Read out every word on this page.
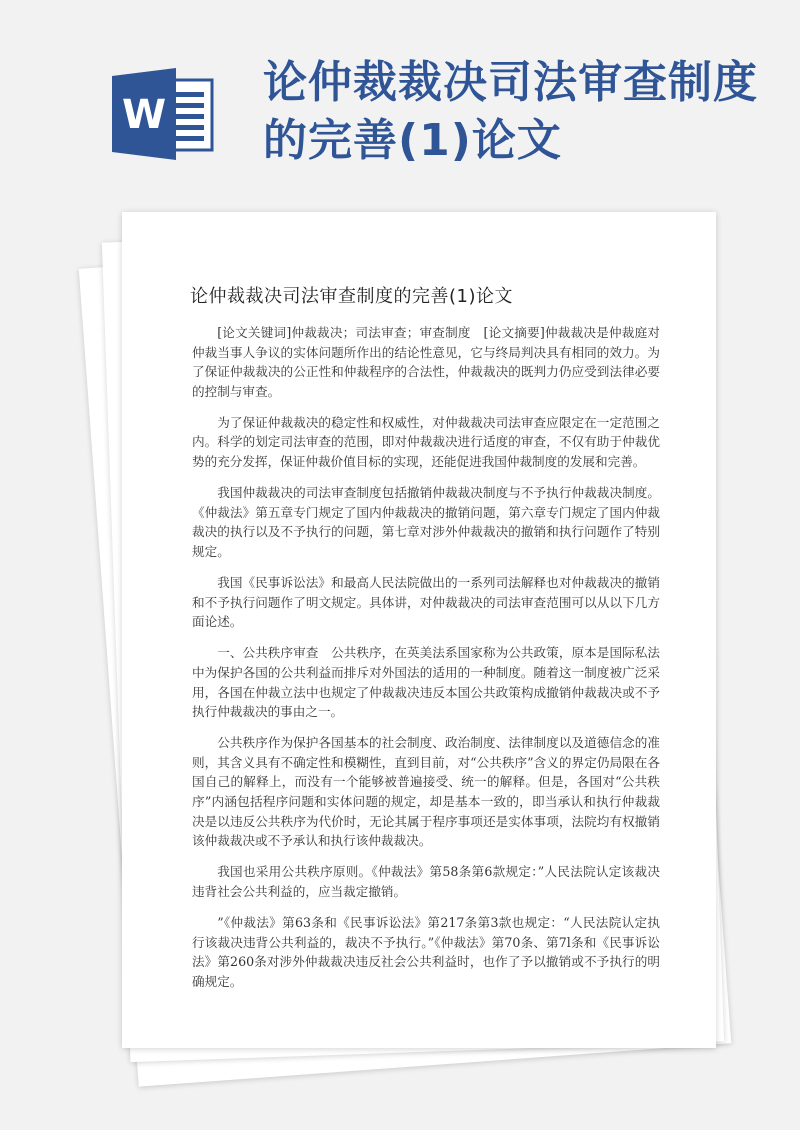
W
论仲裁裁决司法审查制度的完善(1)论文
论仲裁裁决司法审查制度的完善(1)论文

[论文关键词]仲裁裁决；司法审查；审查制度　[论文摘要]仲裁裁决是仲裁庭对仲裁当事人争议的实体问题所作出的结论性意见，它与终局判决具有相同的效力。为了保证仲裁裁决的公正性和仲裁程序的合法性，仲裁裁决的既判力仍应受到法律必要的控制与审查。

为了保证仲裁裁决的稳定性和权威性，对仲裁裁决司法审查应限定在一定范围之内。科学的划定司法审查的范围，即对仲裁裁决进行适度的审查，不仅有助于仲裁优势的充分发挥，保证仲裁价值目标的实现，还能促进我国仲裁制度的发展和完善。

我国仲裁裁决的司法审查制度包括撤销仲裁裁决制度与不予执行仲裁裁决制度。《仲裁法》第五章专门规定了国内仲裁裁决的撤销问题，第六章专门规定了国内仲裁裁决的执行以及不予执行的问题，第七章对涉外仲裁裁决的撤销和执行问题作了特别规定。

我国《民事诉讼法》和最高人民法院做出的一系列司法解释也对仲裁裁决的撤销和不予执行问题作了明文规定。具体讲，对仲裁裁决的司法审查范围可以从以下几方面论述。

一、公共秩序审查　公共秩序，在英美法系国家称为公共政策，原本是国际私法中为保护各国的公共利益而排斥对外国法的适用的一种制度。随着这一制度被广泛采用，各国在仲裁立法中也规定了仲裁裁决违反本国公共政策构成撤销仲裁裁决或不予执行仲裁裁决的事由之一。

公共秩序作为保护各国基本的社会制度、政治制度、法律制度以及道德信念的准则，其含义具有不确定性和模糊性，直到目前，对“公共秩序”含义的界定仍局限在各国自己的解释上，而没有一个能够被普遍接受、统一的解释。但是，各国对“公共秩序”内涵包括程序问题和实体问题的规定，却是基本一致的，即当承认和执行仲裁裁决是以违反公共秩序为代价时，无论其属于程序事项还是实体事项，法院均有权撤销该仲裁裁决或不予承认和执行该仲裁裁决。

我国也采用公共秩序原则。《仲裁法》第58条第6款规定：”人民法院认定该裁决违背社会公共利益的，应当裁定撤销。

”《仲裁法》第63条和《民事诉讼法》第217条第3款也规定：“人民法院认定执行该裁决违背公共利益的，裁决不予执行。”《仲裁法》第70条、第7l条和《民事诉讼法》第260条对涉外仲裁裁决违反社会公共利益时，也作了予以撤销或不予执行的明确规定。
